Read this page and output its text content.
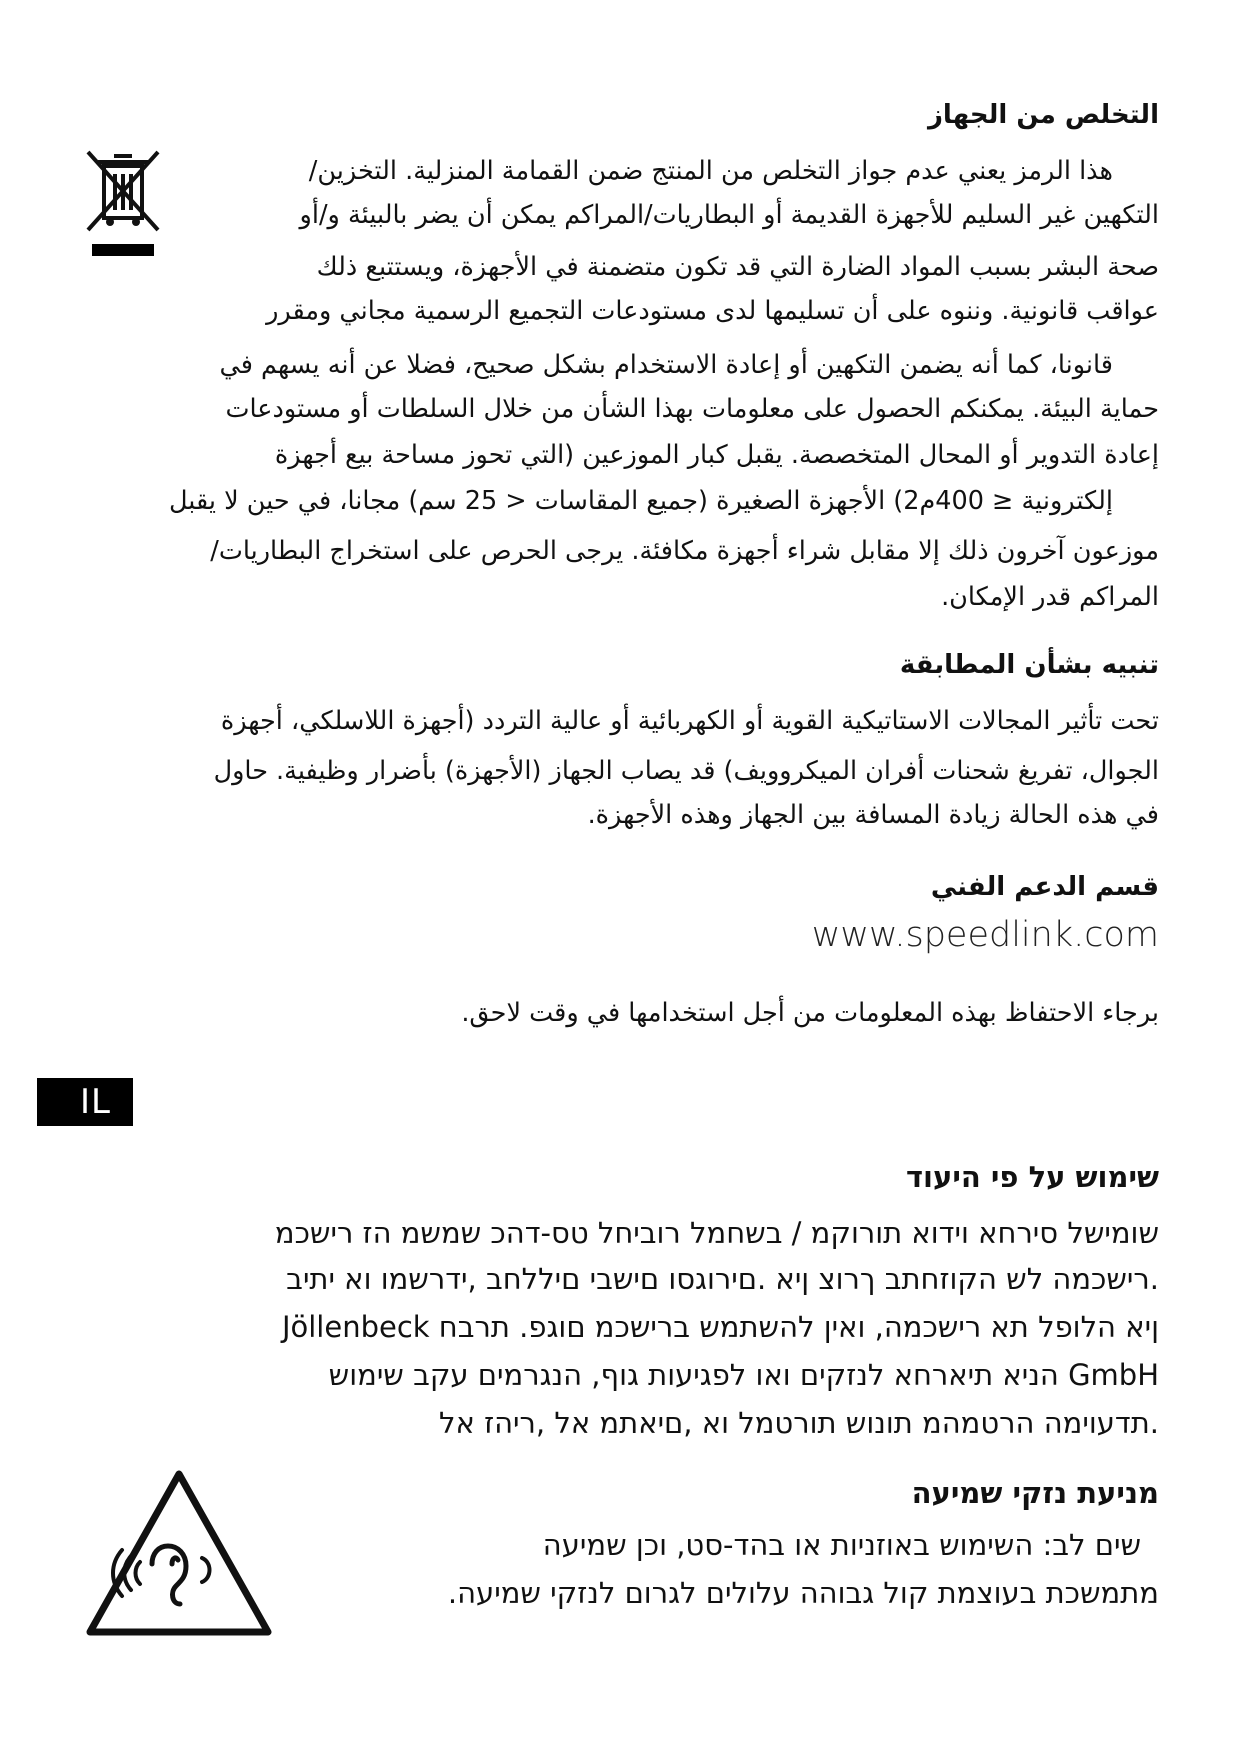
التخلص من الجهاز
هذا الرمز يعني عدم جواز التخلص من المنتج ضمن القمامة المنزلية. التخزين/
التكهين غير السليم للأجهزة القديمة أو البطاريات/المراكم يمكن أن يضر بالبيئة و/أو
صحة البشر بسبب المواد الضارة التي قد تكون متضمنة في الأجهزة، ويستتبع ذلك
عواقب قانونية. وننوه على أن تسليمها لدى مستودعات التجميع الرسمية مجاني ومقرر
قانونا، كما أنه يضمن التكهين أو إعادة الاستخدام بشكل صحيح، فضلا عن أنه يسهم في
حماية البيئة. يمكنكم الحصول على معلومات بهذا الشأن من خلال السلطات أو مستودعات
إعادة التدوير أو المحال المتخصصة. يقبل كبار الموزعين (التي تحوز مساحة بيع أجهزة
إلكترونية ≤ 400م2) الأجهزة الصغيرة (جميع المقاسات < 25 سم) مجانا، في حين لا يقبل
موزعون آخرون ذلك إلا مقابل شراء أجهزة مكافئة. يرجى الحرص على استخراج البطاريات/
المراكم قدر الإمكان.
تنبيه بشأن المطابقة
تحت تأثير المجالات الاستاتيكية القوية أو الكهربائية أو عالية التردد (أجهزة اللاسلكي، أجهزة
الجوال، تفريغ شحنات أفران الميكروويف) قد يصاب الجهاز (الأجهزة) بأضرار وظيفية. حاول
في هذه الحالة زيادة المسافة بين الجهاز وهذه الأجهزة.
قسم الدعم الفني
www.speedlink.com
برجاء الاحتفاظ بهذه المعلومات من أجل استخدامها في وقت لاحق.
IL
שימוש על פי היעוד
שומישל סירחא וידוא תורוקמ / בשחמל רוביחל טס-דהכ שמשמ הז רישכמ
.רישכמה לש הקוזחתב ךרוצ ןיא .םירוגסו םישבי םיללחב ,ידרשמו וא יתיב
ןיא הלופל תא רישכמה, ואין להשתמש ברישכמ םוגפ. תרבח Jöllenbeck
GmbH הניא תיארחא לנזקים ואו לפגיעות גוף, הנגרמים עקב שימוש
.תדעוימה הרטמהמ תונוש תורטמל וא ,םיאתמ אל ,ריהז אל
מניעת נזקי שמיעה
שים לב: השימוש באוזניות או בהד-סט, וכן שמיעה
מתמשכת בעוצמת קול גבוהה עלולים לגרום לנזקי שמיעה.
